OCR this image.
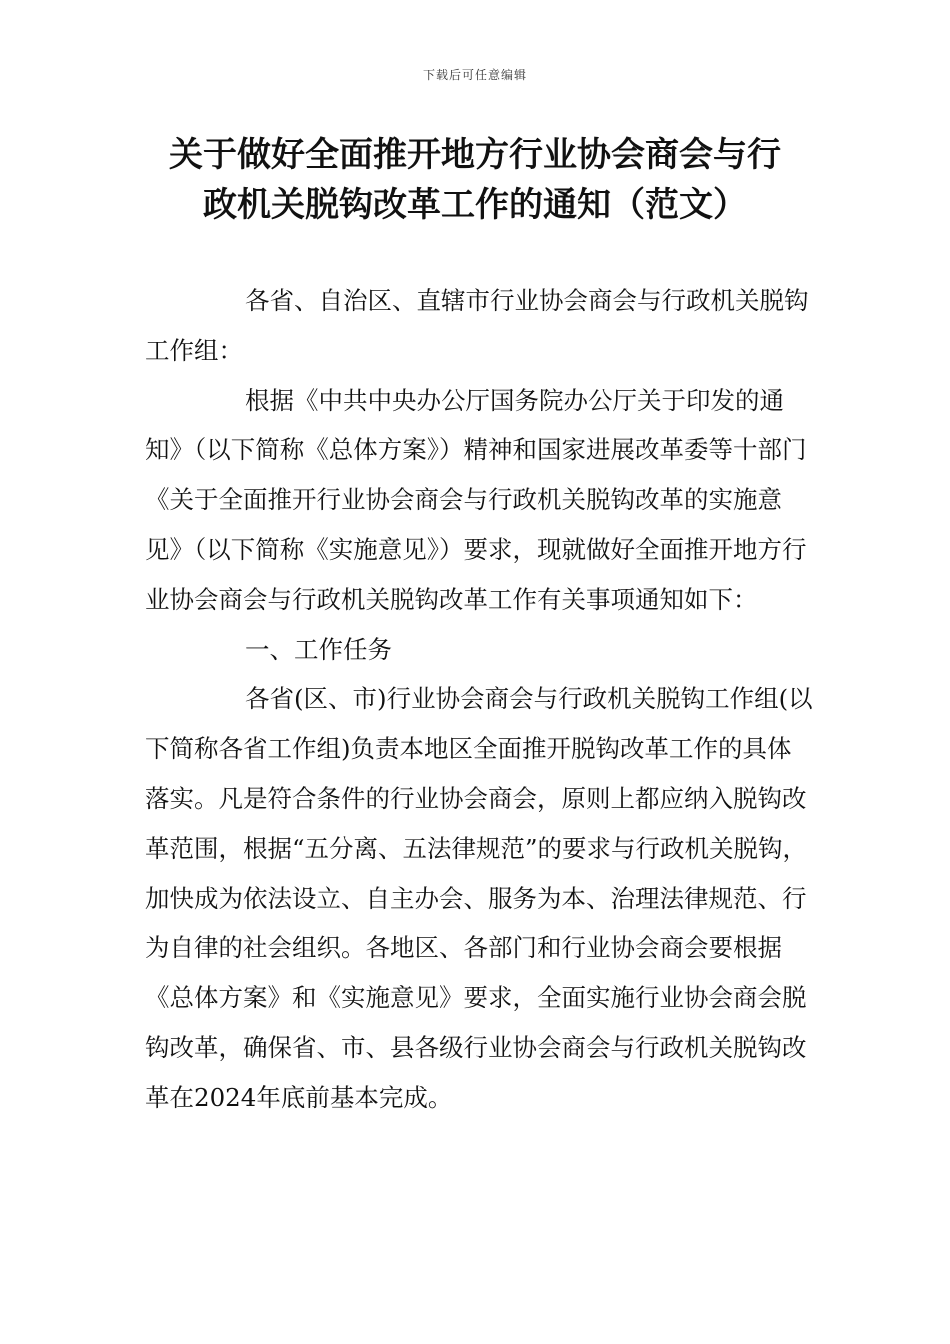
下载后可任意编辑
关于做好全面推开地方行业协会商会与行
政机关脱钩改革工作的通知（范文）

各省、自治区、直辖市行业协会商会与行政机关脱钩工作组：

根据《中共中央办公厅国务院办公厅关于印发的通知》（以下简称《总体方案》）精神和国家进展改革委等十部门《关于全面推开行业协会商会与行政机关脱钩改革的实施意见》（以下简称《实施意见》）要求，现就做好全面推开地方行业协会商会与行政机关脱钩改革工作有关事项通知如下：

一、工作任务

各省(区、市)行业协会商会与行政机关脱钩工作组(以下简称各省工作组)负责本地区全面推开脱钩改革工作的具体落实。凡是符合条件的行业协会商会，原则上都应纳入脱钩改革范围，根据“五分离、五法律规范”的要求与行政机关脱钩，加快成为依法设立、自主办会、服务为本、治理法律规范、行为自律的社会组织。各地区、各部门和行业协会商会要根据《总体方案》和《实施意见》要求，全面实施行业协会商会脱钩改革，确保省、市、县各级行业协会商会与行政机关脱钩改革在2024年底前基本完成。
